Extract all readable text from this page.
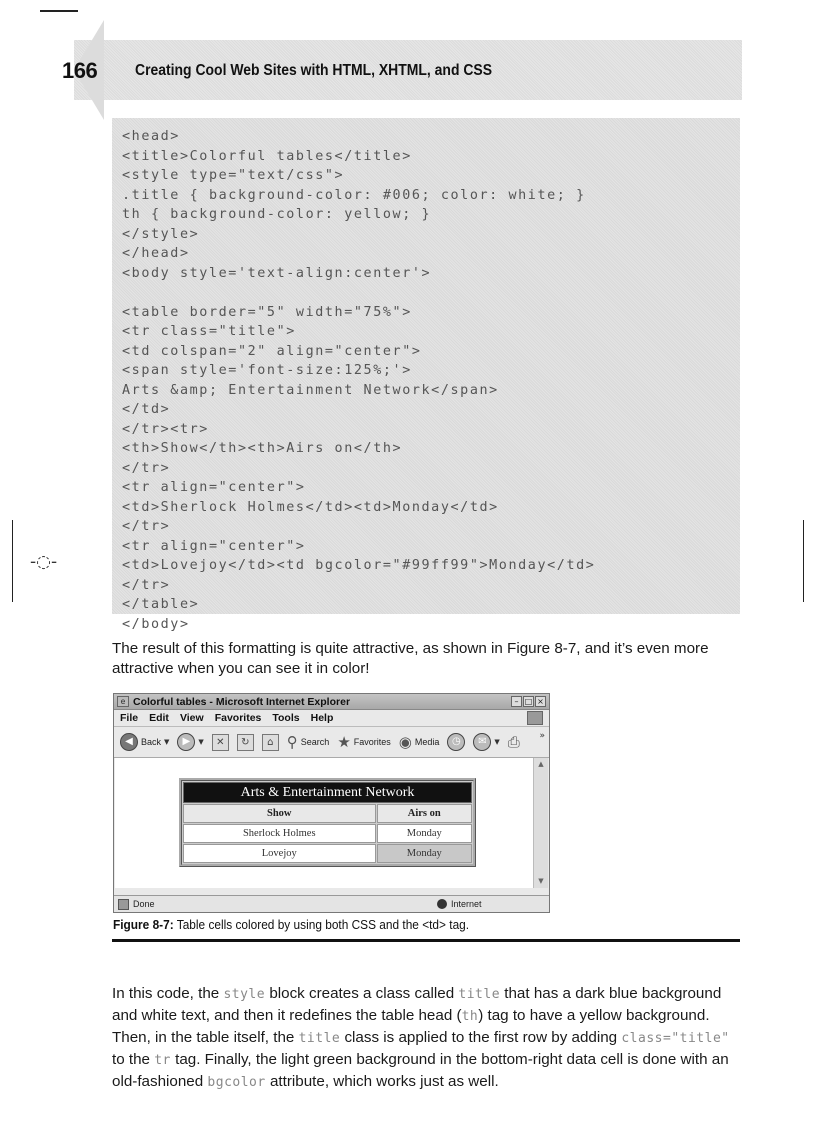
-◌-
166 Creating Cool Web Sites with HTML, XHTML, and CSS
<head>
<title>Colorful tables</title>
<style type="text/css">
.title { background-color: #006; color: white; }
th { background-color: yellow; }
</style>
</head>
<body style='text-align:center'>
<table border="5" width="75%">
<tr class="title">
<td colspan="2" align="center">
<span style='font-size:125%;'>
Arts &amp; Entertainment Network</span>
</td>
</tr><tr>
<th>Show</th><th>Airs on</th>
</tr>
<tr align="center">
<td>Sherlock Holmes</td><td>Monday</td>
</tr>
<tr align="center">
<td>Lovejoy</td><td bgcolor="#99ff99">Monday</td>
</tr>
</table>
</body>

The result of this formatting is quite attractive, as shown in Figure 8-7, and it’s even more attractive when you can see it in color!

e Colorful tables - Microsoft Internet Explorer	– □ ×
File Edit View Favorites Tools Help
◀ Back ▼	▶	▼	✕	↻	⌂ ⚲ Search ★ Favorites ◉ Media	◷	✉	▼ ⎙ »
Arts & Entertainment Network	
Show	Airs on
Sherlock Holmes	Monday
Lovejoy	Monday
▲
▼
Done	Internet
Figure 8-7: Table cells colored by using both CSS and the <td> tag.

In this code, the style block creates a class called title that has a dark blue background and white text, and then it redefines the table head (th) tag to have a yellow background. Then, in the table itself, the title class is applied to the first row by adding class="title" to the tr tag. Finally, the light green background in the bottom-right data cell is done with an old-fashioned bgcolor attribute, which works just as well.
